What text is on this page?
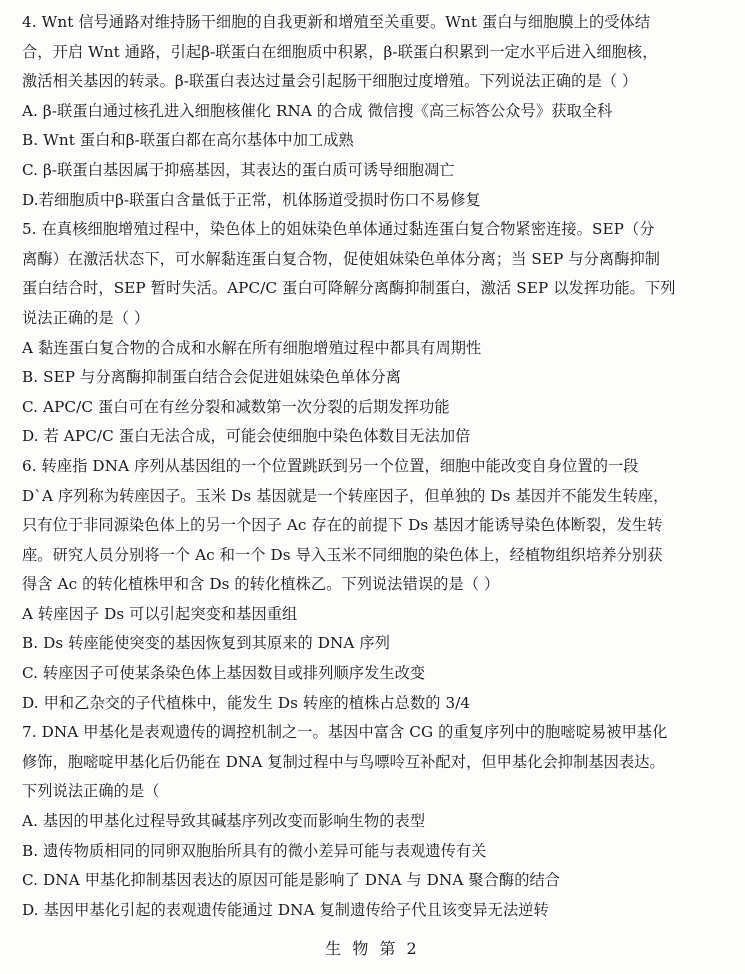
4. Wnt 信号通路对维持肠干细胞的自我更新和增殖至关重要。Wnt 蛋白与细胞膜上的受体结
合，开启 Wnt 通路，引起β-联蛋白在细胞质中积累，β-联蛋白积累到一定水平后进入细胞核，
激活相关基因的转录。β-联蛋白表达过量会引起肠干细胞过度增殖。下列说法正确的是（ ）
A. β-联蛋白通过核孔进入细胞核催化 RNA 的合成 微信搜《高三标答公众号》获取全科
B. Wnt 蛋白和β-联蛋白都在高尔基体中加工成熟
C. β-联蛋白基因属于抑癌基因，其表达的蛋白质可诱导细胞凋亡
D.若细胞质中β-联蛋白含量低于正常，机体肠道受损时伤口不易修复
5. 在真核细胞增殖过程中，染色体上的姐妹染色单体通过黏连蛋白复合物紧密连接。SEP（分
离酶）在激活状态下，可水解黏连蛋白复合物，促使姐妹染色单体分离；当 SEP 与分离酶抑制
蛋白结合时，SEP 暂时失活。APC/C 蛋白可降解分离酶抑制蛋白，激活 SEP 以发挥功能。下列
说法正确的是（ ）
A 黏连蛋白复合物的合成和水解在所有细胞增殖过程中都具有周期性
B. SEP 与分离酶抑制蛋白结合会促进姐妹染色单体分离
C. APC/C 蛋白可在有丝分裂和减数第一次分裂的后期发挥功能
D. 若 APC/C 蛋白无法合成，可能会使细胞中染色体数目无法加倍
6. 转座指 DNA 序列从基因组的一个位置跳跃到另一个位置，细胞中能改变自身位置的一段
D`A 序列称为转座因子。玉米 Ds 基因就是一个转座因子，但单独的 Ds 基因并不能发生转座，
只有位于非同源染色体上的另一个因子 Ac 存在的前提下 Ds 基因才能诱导染色体断裂，发生转
座。研究人员分别将一个 Ac 和一个 Ds 导入玉米不同细胞的染色体上，经植物组织培养分别获
得含 Ac 的转化植株甲和含 Ds 的转化植株乙。下列说法错误的是（ ）
A 转座因子 Ds 可以引起突变和基因重组
B. Ds 转座能使突变的基因恢复到其原来的 DNA 序列
C. 转座因子可使某条染色体上基因数目或排列顺序发生改变
D. 甲和乙杂交的子代植株中，能发生 Ds 转座的植株占总数的 3/4
7. DNA 甲基化是表观遗传的调控机制之一。基因中富含 CG 的重复序列中的胞嘧啶易被甲基化
修饰，胞嘧啶甲基化后仍能在 DNA 复制过程中与鸟嘌呤互补配对，但甲基化会抑制基因表达。
下列说法正确的是（
A. 基因的甲基化过程导致其碱基序列改变而影响生物的表型
B. 遗传物质相同的同卵双胞胎所具有的微小差异可能与表观遗传有关
C. DNA 甲基化抑制基因表达的原因可能是影响了 DNA 与 DNA 聚合酶的结合
D. 基因甲基化引起的表观遗传能通过 DNA 复制遗传给子代且该变异无法逆转
生 物 第 2
